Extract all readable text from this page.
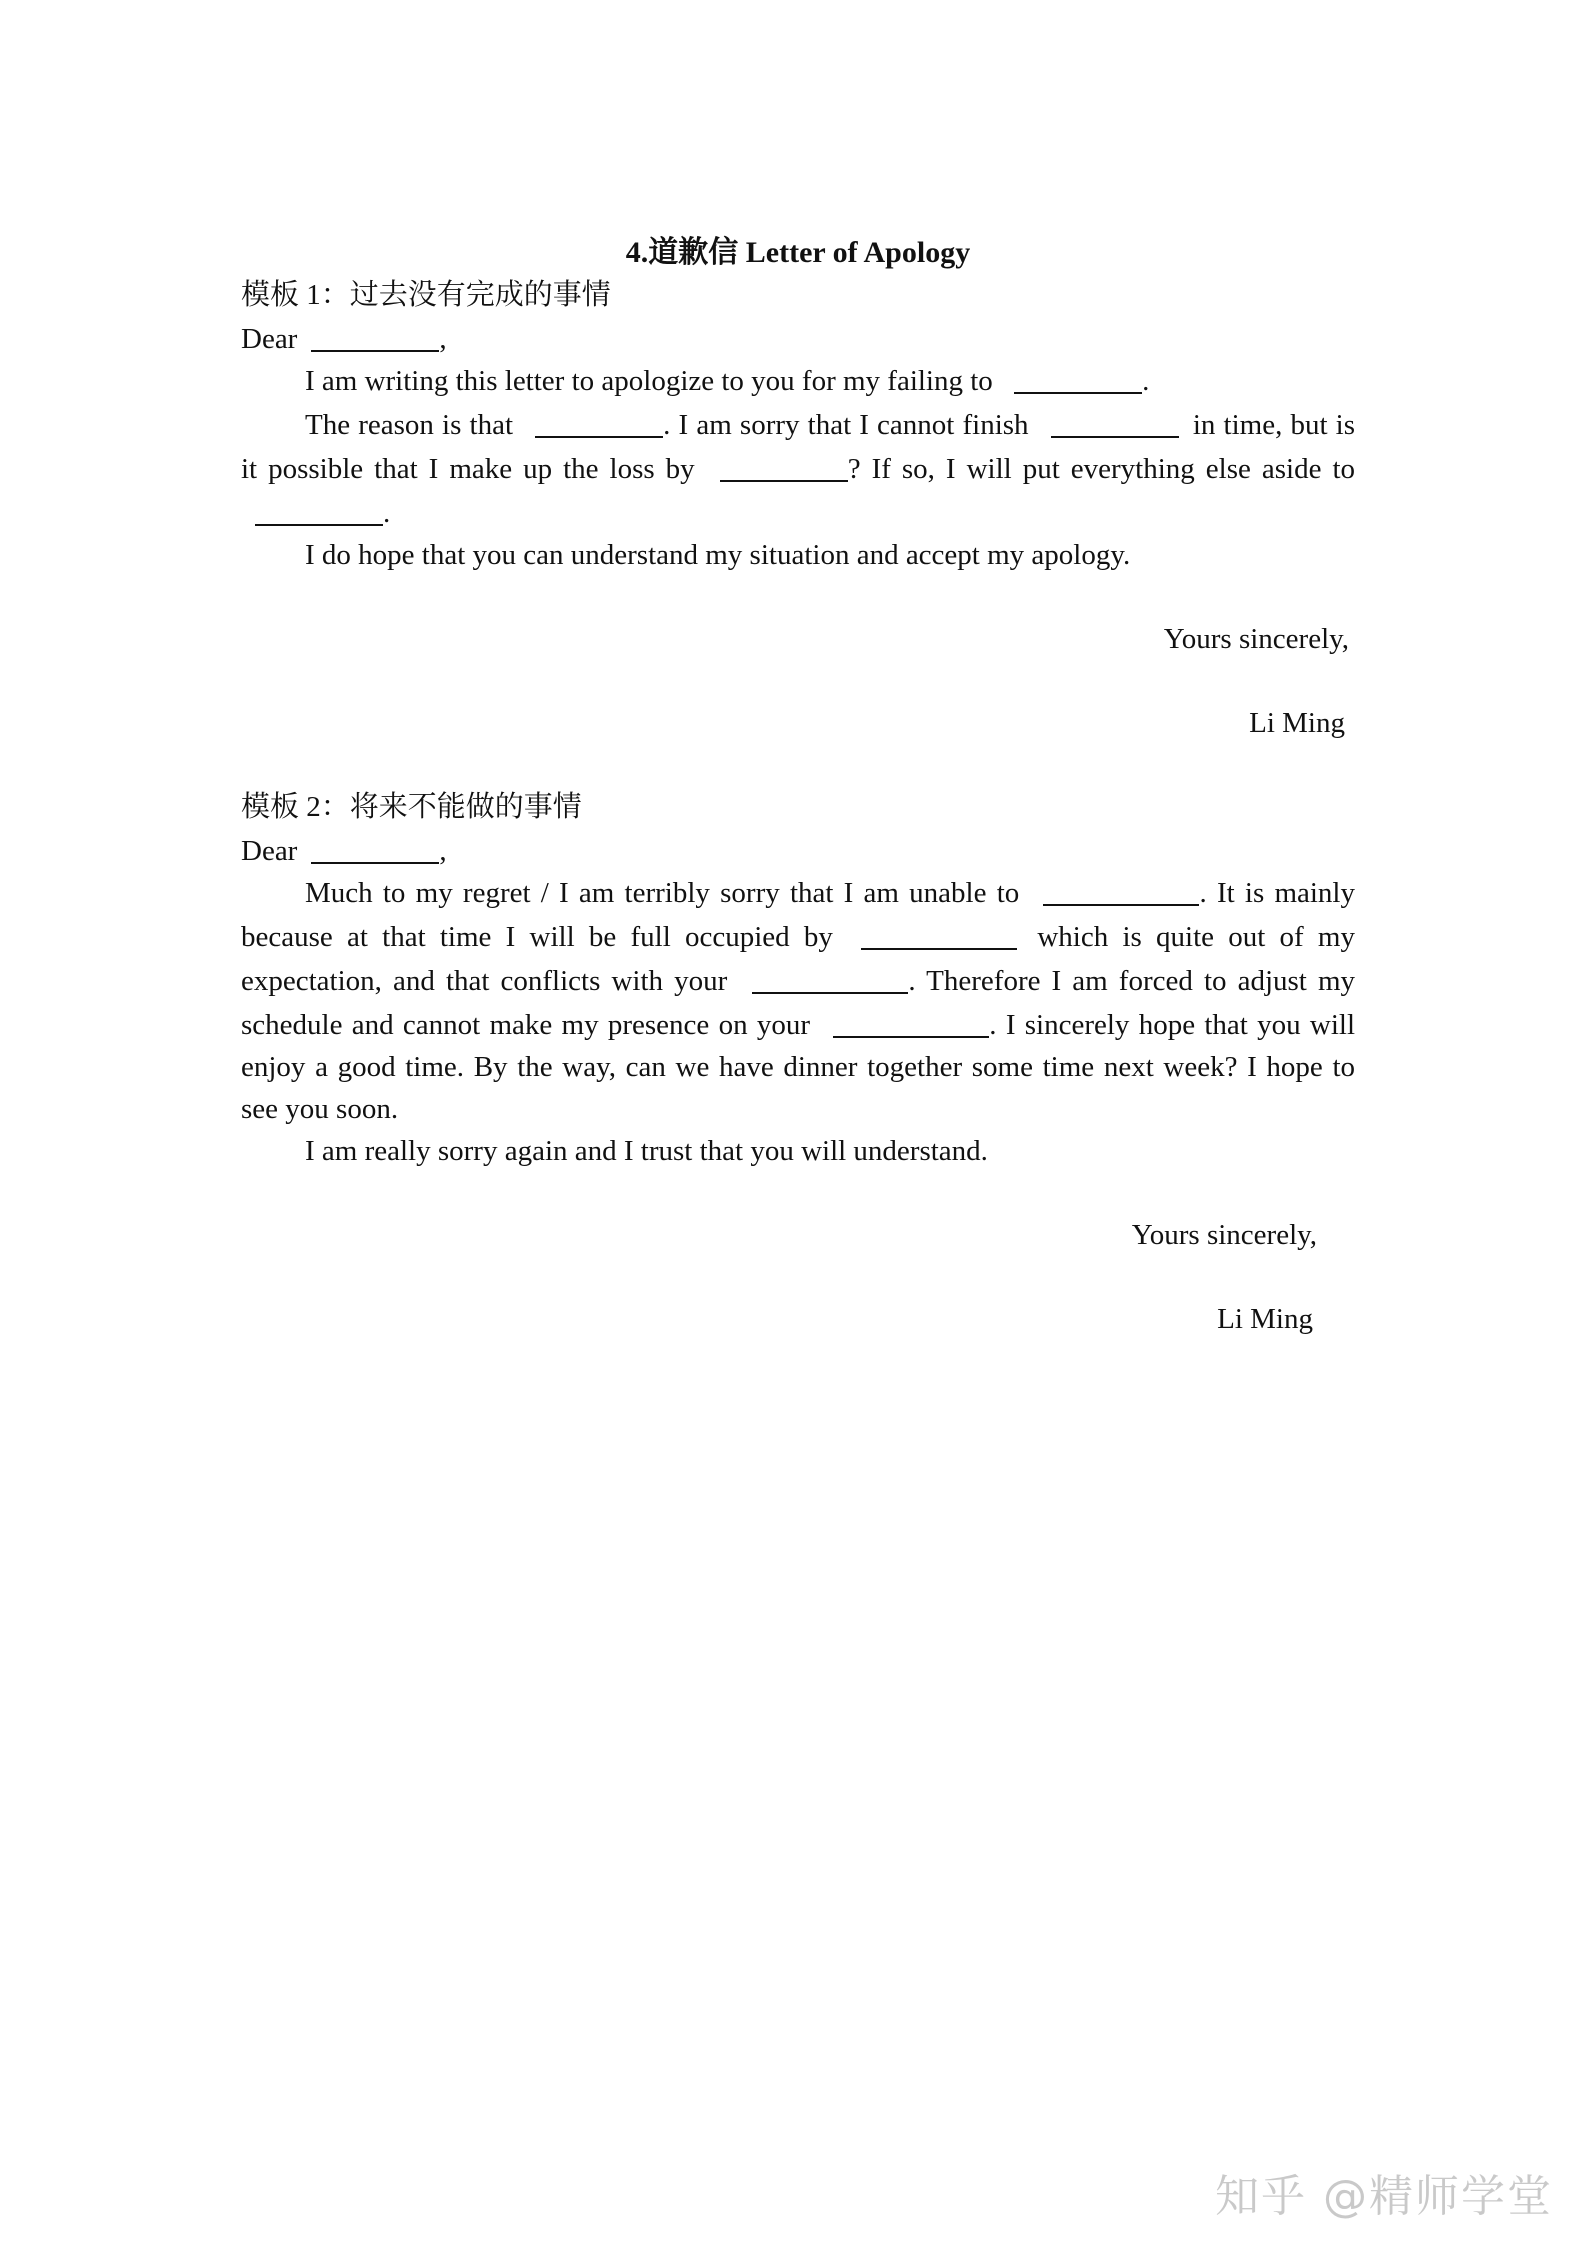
4.道歉信 Letter of Apology
模板 1：过去没有完成的事情
Dear	,

I am writing this letter to apologize to you for my failing to	.

The reason is that	. I am sorry that I cannot finish	in time, but is it possible that I make up the loss by	? If so, I will put everything else aside to .

I do hope that you can understand my situation and accept my apology.

Yours sincerely,
Li Ming
模板 2：将来不能做的事情
Dear	,

Much to my regret / I am terribly sorry that I am unable to	. It is mainly because at that time I will be full occupied by	which is quite out of my expectation, and that conflicts with your	. Therefore I am forced to adjust my schedule and cannot make my presence on your	. I sincerely hope that you will enjoy a good time. By the way, can we have dinner together some time next week? I hope to see you soon.

I am really sorry again and I trust that you will understand.

Yours sincerely,
Li Ming
知乎 @精师学堂
